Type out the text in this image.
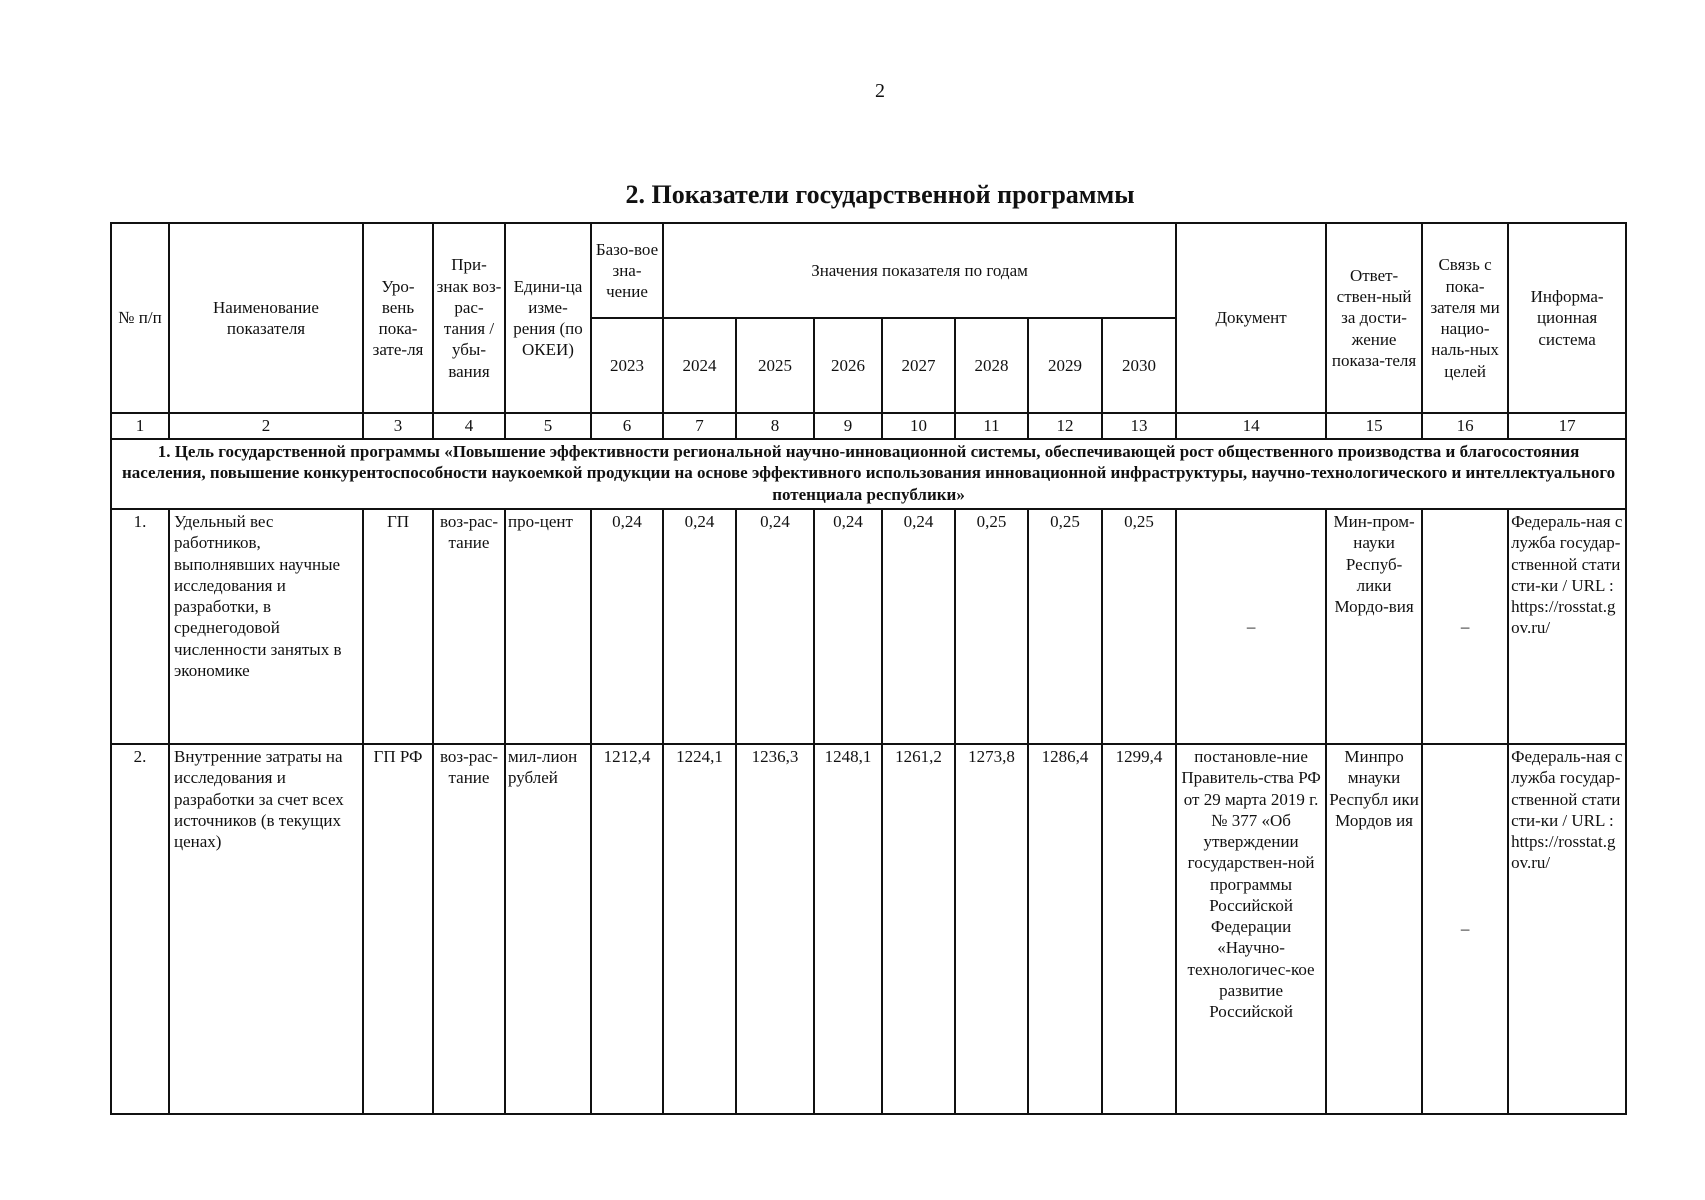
2
2. Показатели государственной программы
№ п/п	Наименование показателя	Уро-вень пока-зате-ля	При-знак воз-рас-тания / убы-вания	Едини-ца изме-рения (по ОКЕИ)	Базо-вое зна-чение	Значения показателя по годам							Документ	Ответ-ствен-ный за дости-жение показа-теля	Связь с пока-зателя ми нацио-наль-ных целей	Информа-ционная система
					2023	2024	2025	2026	2027	2028	2029	2030				
1	2	3	4	5	6	7	8	9	10	11	12	13	14	15	16	17
1. Цель государственной программы «Повышение эффективности региональной научно-инновационной системы, обеспечивающей рост общественного производства и благосостояния населения, повышение конкурентоспособности наукоемкой продукции на основе эффективного использования инновационной инфраструктуры, научно-технологического и интеллектуального потенциала республики»																
1.	Удельный вес работников, выполнявших научные исследования и разработки, в среднегодовой численности занятых в экономике	ГП	воз-рас-тание	про-цент	0,24	0,24	0,24	0,24	0,24	0,25	0,25	0,25	–	Мин-пром-науки Респуб-лики Мордо-вия	–	Федераль-ная служба государ-ственной статисти-ки / URL : https://rosstat.gov.ru/
2.	Внутренние затраты на исследования и разработки за счет всех источников (в текущих ценах)	ГП РФ	воз-рас-тание	мил-лион рублей	1212,4	1224,1	1236,3	1248,1	1261,2	1273,8	1286,4	1299,4	постановле-ние Правитель-ства РФ от 29 марта 2019 г. № 377 «Об утверждении государствен-ной программы Российской Федерации «Научно-технологичес-кое развитие Российской	Минпро мнауки Республ ики Мордов ия	–	Федераль-ная служба государ-ственной статисти-ки / URL : https://rosstat.gov.ru/
